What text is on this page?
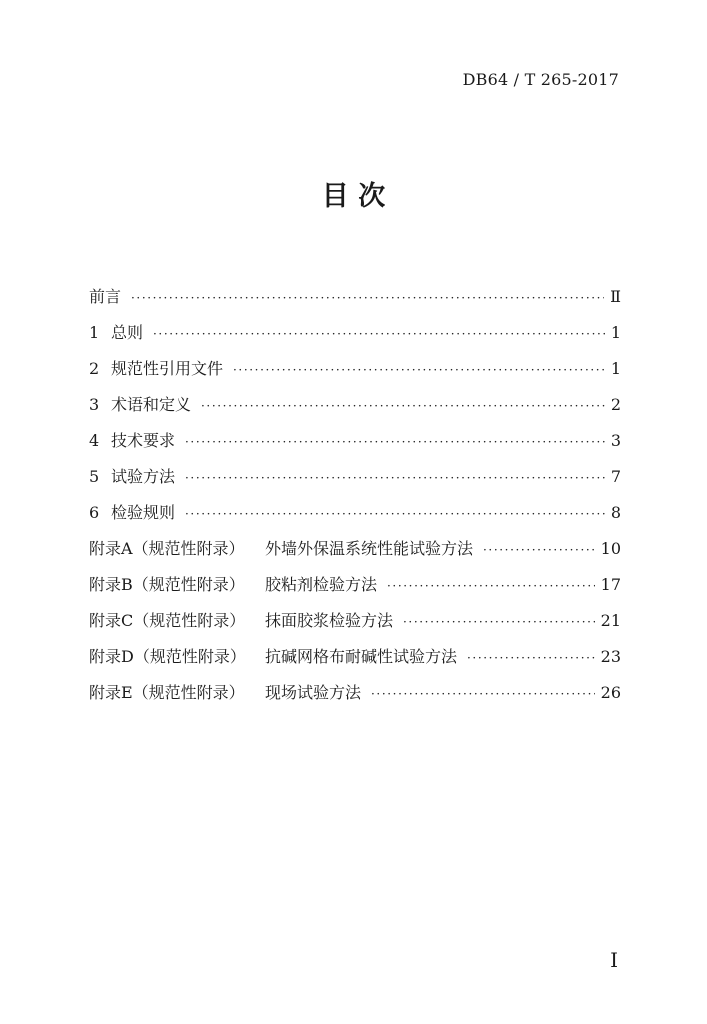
DB64 / T 265-2017
目 次
前言 ·····	Ⅱ
1 总则 ·····	1
2 规范性引用文件 ·····	1
3 术语和定义 ·····	2
4 技术要求 ·····	3
5 试验方法 ·····	7
6 检验规则 ·····	8
附录A（规范性附录）	外墙外保温系统性能试验方法 ·····	10
附录B（规范性附录）	胶粘剂检验方法 ·····	17
附录C（规范性附录）	抹面胶浆检验方法 ·····	21
附录D（规范性附录）	抗碱网格布耐碱性试验方法 ·····	23
附录E（规范性附录）	现场试验方法 ·····	26
I
